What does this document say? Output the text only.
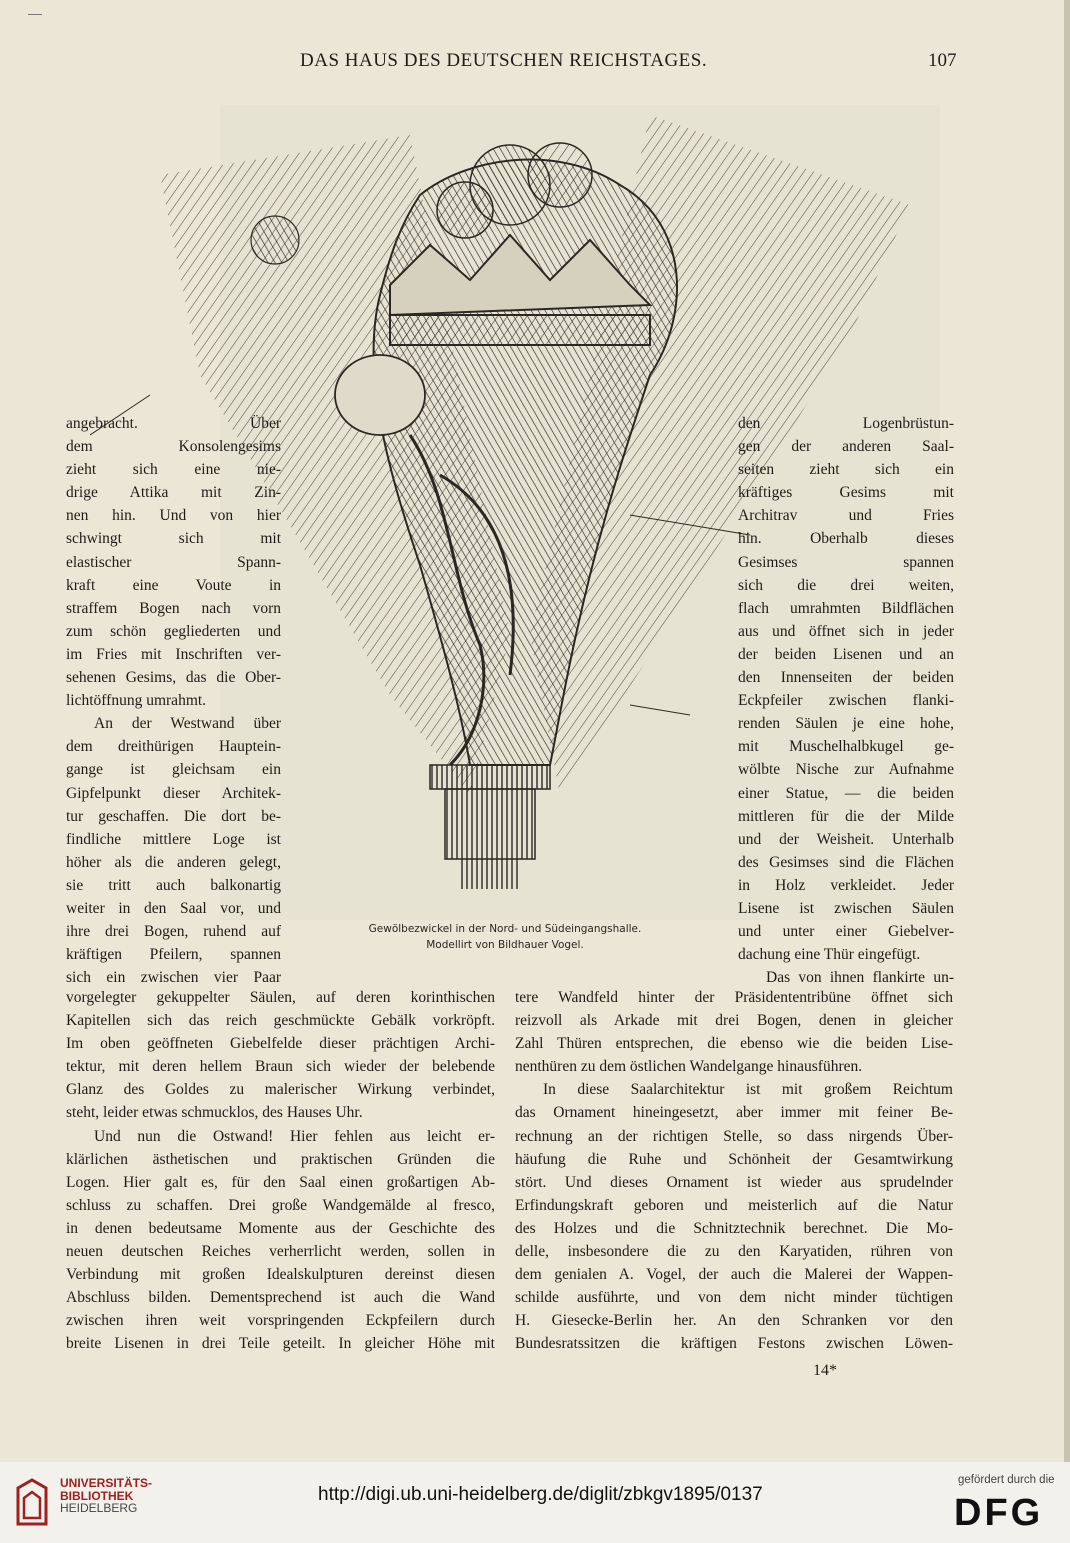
DAS HAUS DES DEUTSCHEN REICHSTAGES.	107
Gewölbezwickel in der Nord- und Südeingangshalle.
Modellirt von Bildhauer Vogel.

angebracht. Über

dem Konsolengesims

zieht sich eine nie-

drige Attika mit Zin-

nen hin. Und von hier

schwingt sich mit

elastischer Spann-

kraft eine Voute in

straffem Bogen nach vorn

zum schön gegliederten und

im Fries mit Inschriften ver-

sehenen Gesims, das die Ober-

lichtöffnung umrahmt.

An der Westwand über

dem dreithürigen Hauptein-

gange ist gleichsam ein

Gipfelpunkt dieser Architek-

tur geschaffen. Die dort be-

findliche mittlere Loge ist

höher als die anderen gelegt,

sie tritt auch balkonartig

weiter in den Saal vor, und

ihre drei Bogen, ruhend auf

kräftigen Pfeilern, spannen

sich ein zwischen vier Paar

den Logenbrüstun-

gen der anderen Saal-

seiten zieht sich ein

kräftiges Gesims mit

Architrav und Fries

hin. Oberhalb dieses

Gesimses spannen

sich die drei weiten,

flach umrahmten Bildflächen

aus und öffnet sich in jeder

der beiden Lisenen und an

den Innenseiten der beiden

Eckpfeiler zwischen flanki-

renden Säulen je eine hohe,

mit Muschelhalbkugel ge-

wölbte Nische zur Aufnahme

einer Statue, — die beiden

mittleren für die der Milde

und der Weisheit. Unterhalb

des Gesimses sind die Flächen

in Holz verkleidet. Jeder

Lisene ist zwischen Säulen

und unter einer Giebelver-

dachung eine Thür eingefügt.

Das von ihnen flankirte un-

vorgelegter gekuppelter Säulen, auf deren korinthischen

Kapitellen sich das reich geschmückte Gebälk vorkröpft.

Im oben geöffneten Giebelfelde dieser prächtigen Archi-

tektur, mit deren hellem Braun sich wieder der belebende

Glanz des Goldes zu malerischer Wirkung verbindet,

steht, leider etwas schmucklos, des Hauses Uhr.

Und nun die Ostwand! Hier fehlen aus leicht er-

klärlichen ästhetischen und praktischen Gründen die

Logen. Hier galt es, für den Saal einen großartigen Ab-

schluss zu schaffen. Drei große Wandgemälde al fresco,

in denen bedeutsame Momente aus der Geschichte des

neuen deutschen Reiches verherrlicht werden, sollen in

Verbindung mit großen Idealskulpturen dereinst diesen

Abschluss bilden. Dementsprechend ist auch die Wand

zwischen ihren weit vorspringenden Eckpfeilern durch

breite Lisenen in drei Teile geteilt. In gleicher Höhe mit

tere Wandfeld hinter der Präsidententribüne öffnet sich

reizvoll als Arkade mit drei Bogen, denen in gleicher

Zahl Thüren entsprechen, die ebenso wie die beiden Lise-

nenthüren zu dem östlichen Wandelgange hinausführen.

In diese Saalarchitektur ist mit großem Reichtum

das Ornament hineingesetzt, aber immer mit feiner Be-

rechnung an der richtigen Stelle, so dass nirgends Über-

häufung die Ruhe und Schönheit der Gesamtwirkung

stört. Und dieses Ornament ist wieder aus sprudelnder

Erfindungskraft geboren und meisterlich auf die Natur

des Holzes und die Schnitztechnik berechnet. Die Mo-

delle, insbesondere die zu den Karyatiden, rühren von

dem genialen A. Vogel, der auch die Malerei der Wappen-

schilde ausführte, und von dem nicht minder tüchtigen

H. Giesecke-Berlin her. An den Schranken vor den

Bundesratssitzen die kräftigen Festons zwischen Löwen-

14*
UNIVERSITÄTS-
BIBLIOTHEK
HEIDELBERG
http://digi.ub.uni-heidelberg.de/diglit/zbkgv1895/0137
gefördert durch die
DFG
